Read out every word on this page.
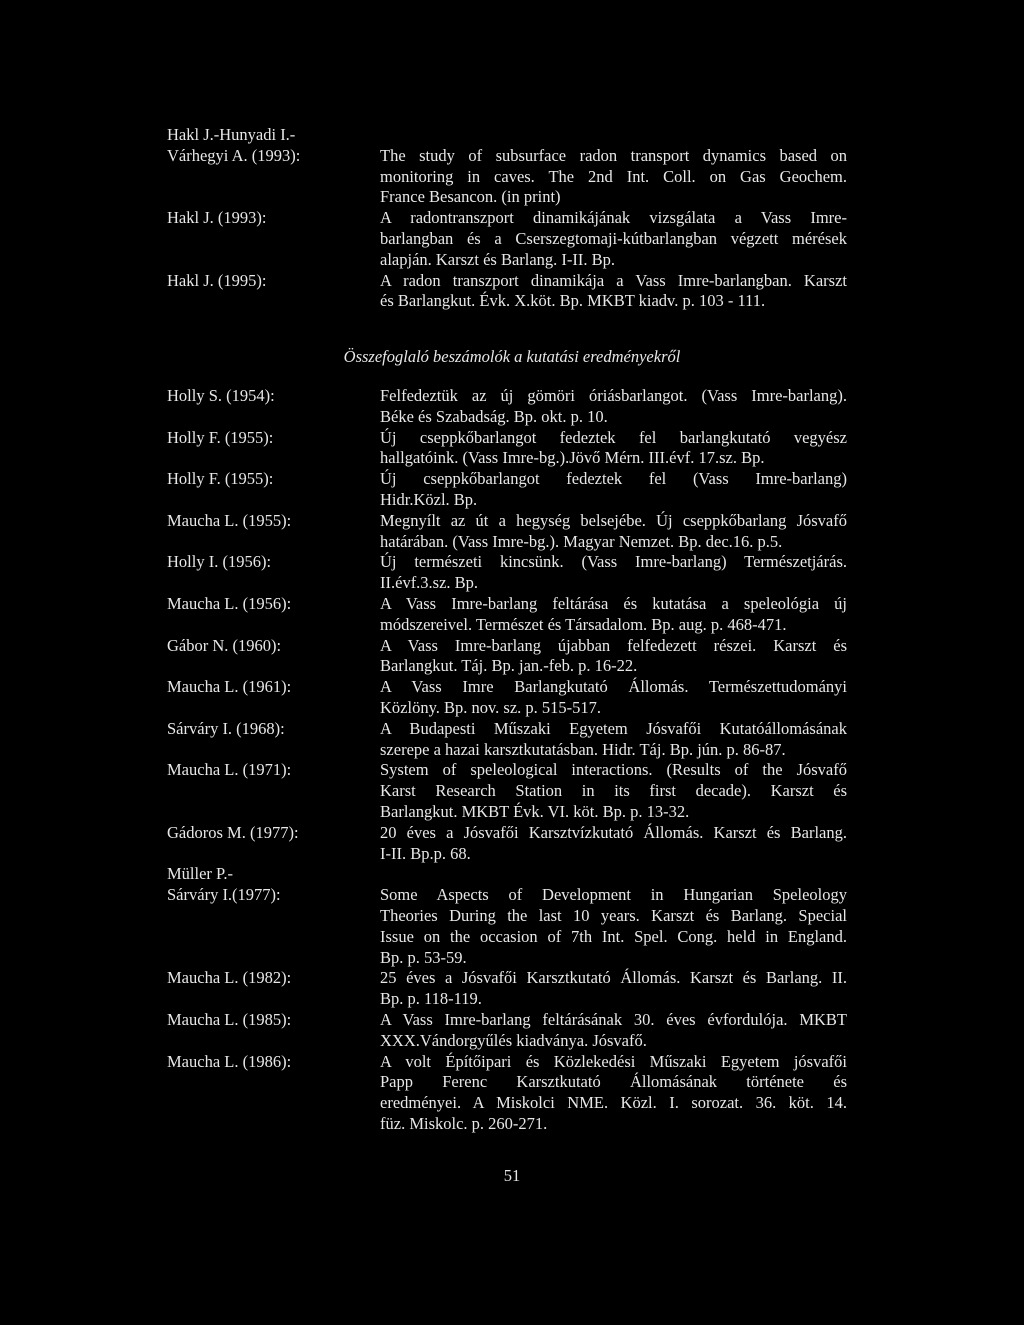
Hakl J.-Hunyadi I.-
Várhegyi A. (1993):
	The study of subsurface radon transport dynamics based on
monitoring in caves. The 2nd Int. Coll. on Gas Geochem.
France Besancon. (in print)
Hakl J. (1993):	A radontranszport dinamikájának vizsgálata a Vass Imre-
barlangban és a Cserszegtomaji-kútbarlangban végzett mérések
alapján. Karszt és Barlang. I-II. Bp.
Hakl J. (1995):	A radon transzport dinamikája a Vass Imre-barlangban. Karszt
és Barlangkut. Évk. X.köt. Bp. MKBT kiadv. p. 103 - 111.
Összefoglaló beszámolók a kutatási eredményekről
Holly S. (1954):	Felfedeztük az új gömöri óriásbarlangot. (Vass Imre-barlang).
Béke és Szabadság. Bp. okt. p. 10.
Holly F. (1955):	Új cseppkőbarlangot fedeztek fel barlangkutató vegyész
hallgatóink. (Vass Imre-bg.).Jövő Mérn. III.évf. 17.sz. Bp.
Holly F. (1955):	Új cseppkőbarlangot fedeztek fel (Vass Imre-barlang)
Hidr.Közl. Bp.
Maucha L. (1955):	Megnyílt az út a hegység belsejébe. Új cseppkőbarlang Jósvafő
határában. (Vass Imre-bg.). Magyar Nemzet. Bp. dec.16. p.5.
Holly I. (1956):	Új természeti kincsünk. (Vass Imre-barlang) Természetjárás.
II.évf.3.sz. Bp.
Maucha L. (1956):	A Vass Imre-barlang feltárása és kutatása a speleológia új
módszereivel. Természet és Társadalom. Bp. aug. p. 468-471.
Gábor N. (1960):	A Vass Imre-barlang újabban felfedezett részei. Karszt és
Barlangkut. Táj. Bp. jan.-feb. p. 16-22.
Maucha L. (1961):	A Vass Imre Barlangkutató Állomás. Természettudományi
Közlöny. Bp. nov. sz. p. 515-517.
Sárváry I. (1968):	A Budapesti Műszaki Egyetem Jósvafői Kutatóállomásának
szerepe a hazai karsztkutatásban. Hidr. Táj. Bp. jún. p. 86-87.
Maucha L. (1971):	System of speleological interactions. (Results of the Jósvafő
Karst Research Station in its first decade). Karszt és
Barlangkut. MKBT Évk. VI. köt. Bp. p. 13-32.
Gádoros M. (1977):	20 éves a Jósvafői Karsztvízkutató Állomás. Karszt és Barlang.
I-II. Bp.p. 68.
Müller P.-
Sárváry I.(1977):
	Some Aspects of Development in Hungarian Speleology
Theories During the last 10 years. Karszt és Barlang. Special
Issue on the occasion of 7th Int. Spel. Cong. held in England.
Bp. p. 53-59.
Maucha L. (1982):	25 éves a Jósvafői Karsztkutató Állomás. Karszt és Barlang. II.
Bp. p. 118-119.
Maucha L. (1985):	A Vass Imre-barlang feltárásának 30. éves évfordulója. MKBT
XXX.Vándorgyűlés kiadványa. Jósvafő.
Maucha L. (1986):	A volt Építőipari és Közlekedési Műszaki Egyetem jósvafői
Papp Ferenc Karsztkutató Állomásának története és
eredményei. A Miskolci NME. Közl. I. sorozat. 36. köt. 14.
füz. Miskolc. p. 260-271.
51
